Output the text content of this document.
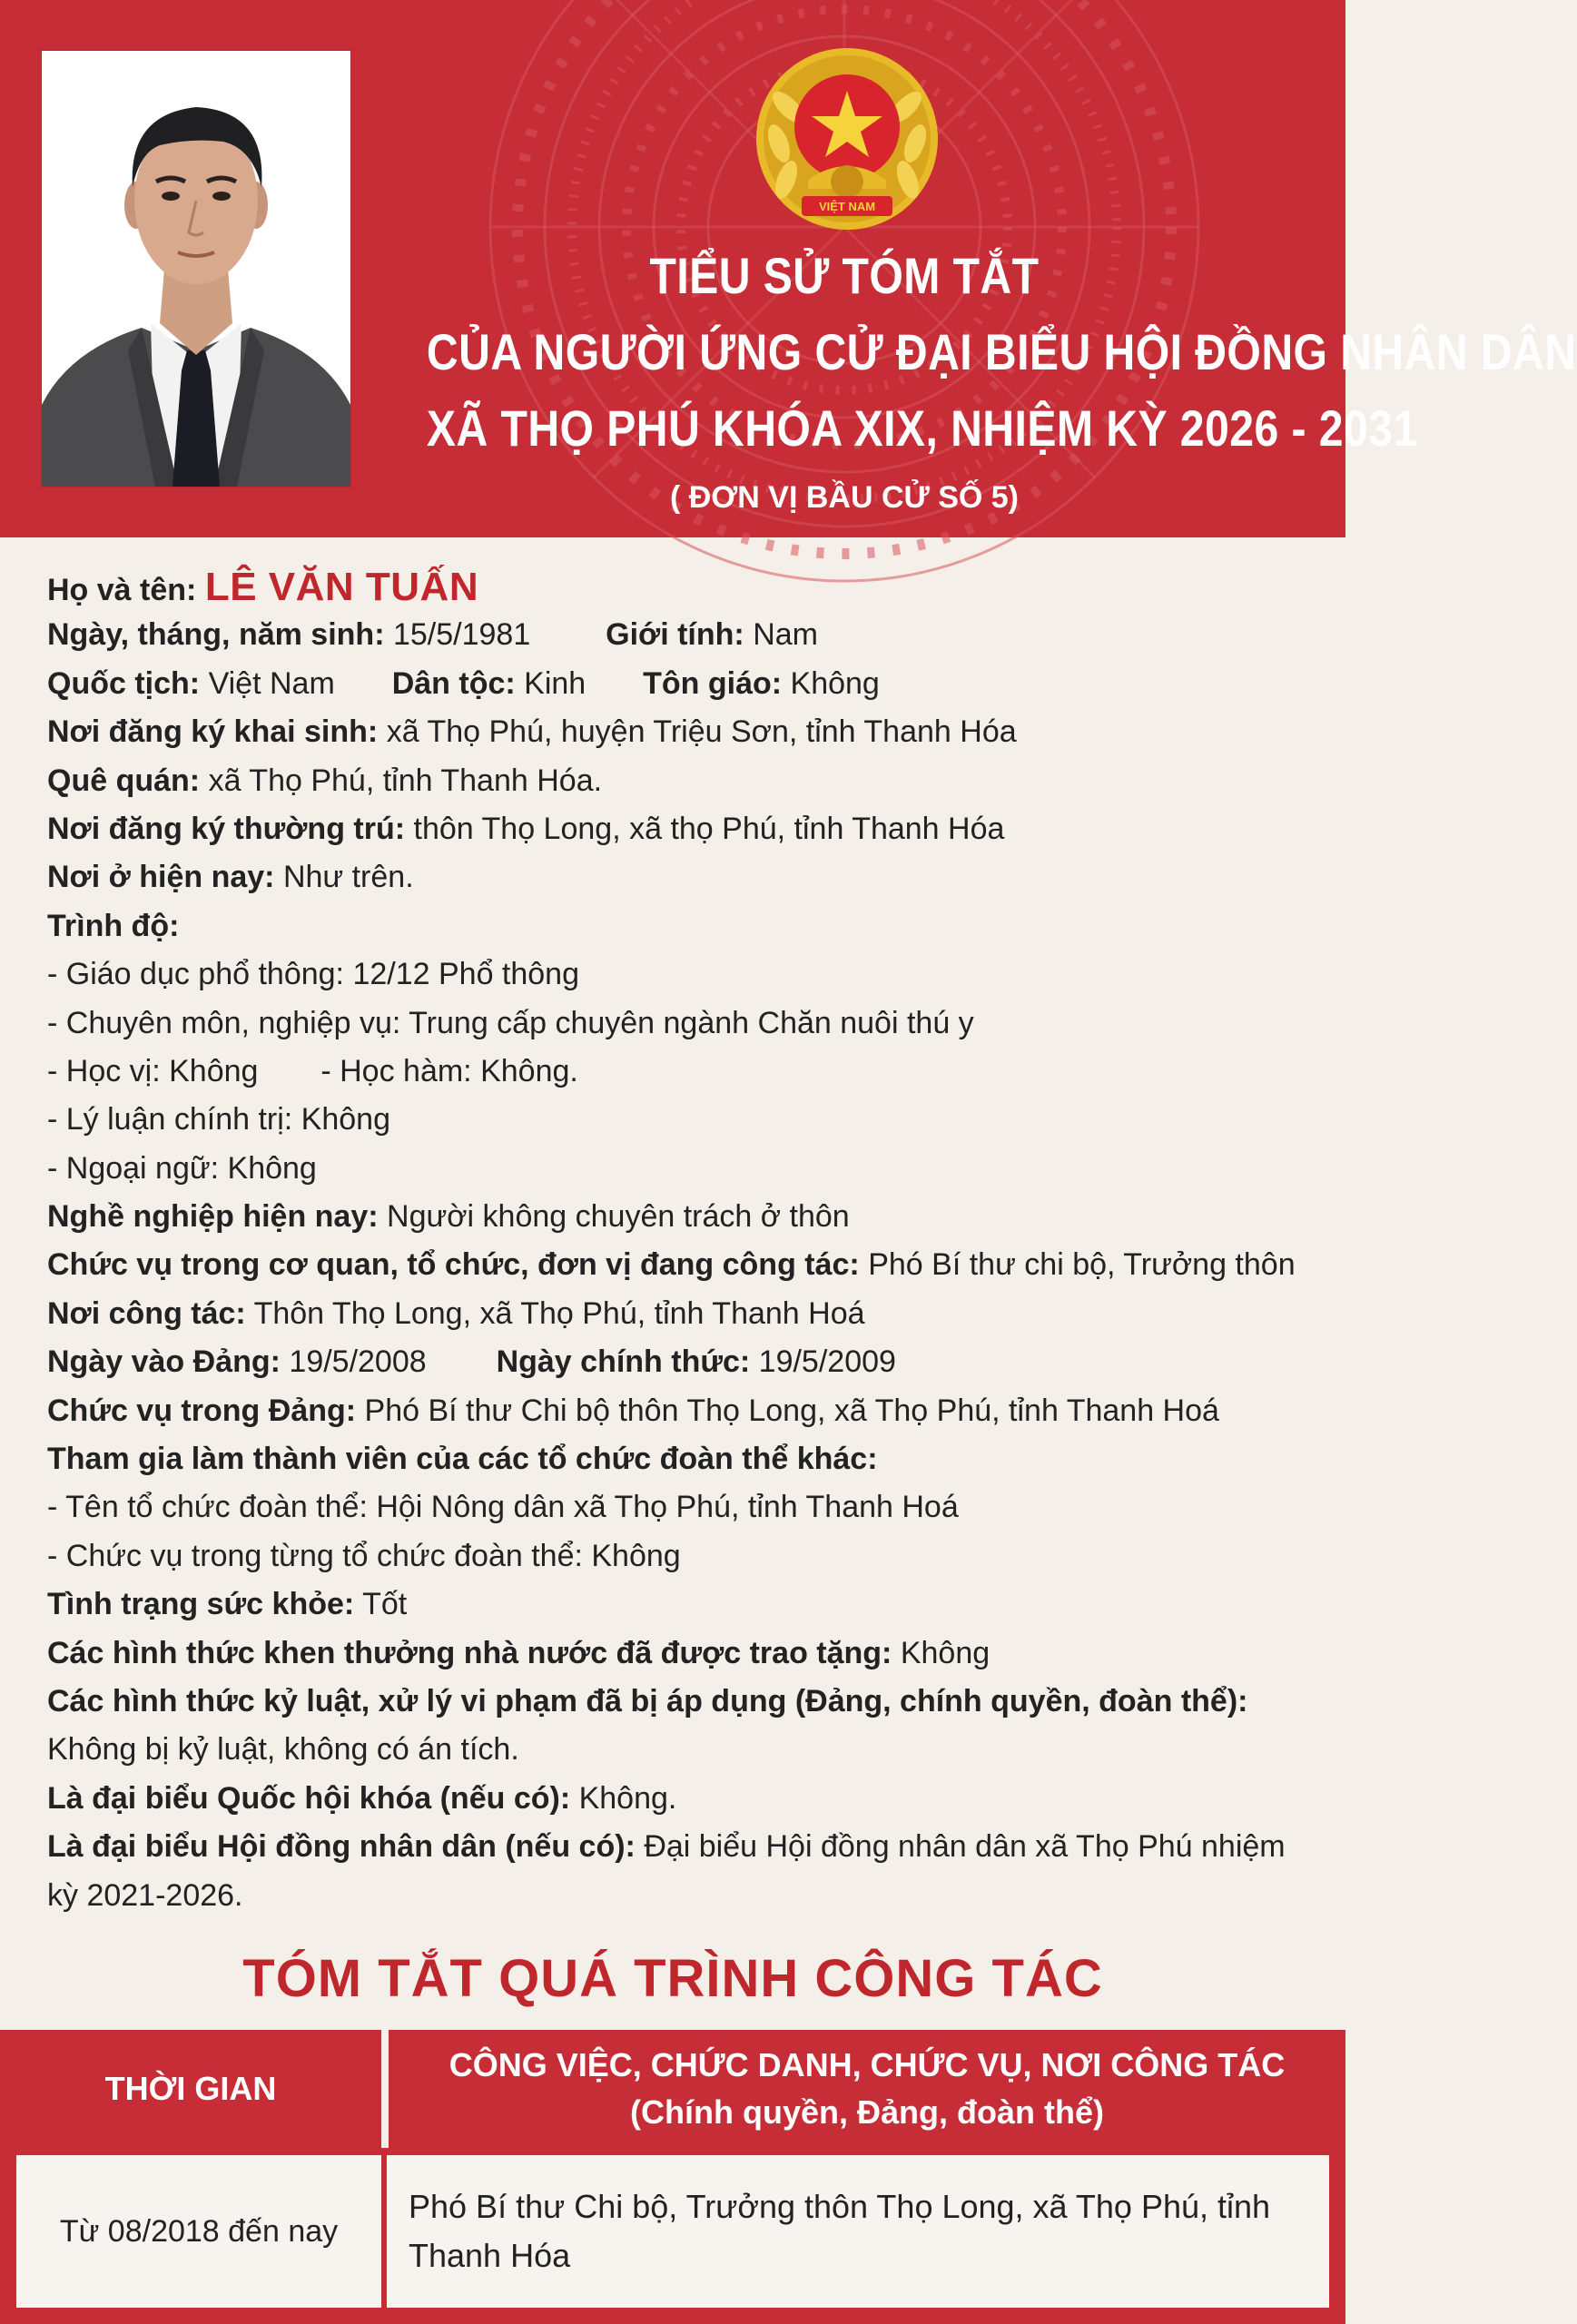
VIỆT NAM
TIỂU SỬ TÓM TẮT
CỦA NGƯỜI ỨNG CỬ ĐẠI BIỂU HỘI ĐỒNG NHÂN DÂN
XÃ THỌ PHÚ KHÓA XIX, NHIỆM KỲ 2026 - 2031
( ĐƠN VỊ BẦU CỬ SỐ 5)
Họ và tên: LÊ VĂN TUẤN
Ngày, tháng, năm sinh: 15/5/1981 Giới tính: Nam
Quốc tịch: Việt Nam Dân tộc: Kinh Tôn giáo: Không
Nơi đăng ký khai sinh: xã Thọ Phú, huyện Triệu Sơn, tỉnh Thanh Hóa
Quê quán: xã Thọ Phú, tỉnh Thanh Hóa.
Nơi đăng ký thường trú: thôn Thọ Long, xã thọ Phú, tỉnh Thanh Hóa
Nơi ở hiện nay: Như trên.
Trình độ:
- Giáo dục phổ thông: 12/12 Phổ thông
- Chuyên môn, nghiệp vụ: Trung cấp chuyên ngành Chăn nuôi thú y
- Học vị: Không - Học hàm: Không.
- Lý luận chính trị: Không
- Ngoại ngữ: Không
Nghề nghiệp hiện nay: Người không chuyên trách ở thôn
Chức vụ trong cơ quan, tổ chức, đơn vị đang công tác: Phó Bí thư chi bộ, Trưởng thôn
Nơi công tác: Thôn Thọ Long, xã Thọ Phú, tỉnh Thanh Hoá
Ngày vào Đảng: 19/5/2008 Ngày chính thức: 19/5/2009
Chức vụ trong Đảng: Phó Bí thư Chi bộ thôn Thọ Long, xã Thọ Phú, tỉnh Thanh Hoá
Tham gia làm thành viên của các tổ chức đoàn thể khác:
- Tên tổ chức đoàn thể: Hội Nông dân xã Thọ Phú, tỉnh Thanh Hoá
- Chức vụ trong từng tổ chức đoàn thể: Không
Tình trạng sức khỏe: Tốt
Các hình thức khen thưởng nhà nước đã được trao tặng: Không
Các hình thức kỷ luật, xử lý vi phạm đã bị áp dụng (Đảng, chính quyền, đoàn thể): Không bị kỷ luật, không có án tích.
Là đại biểu Quốc hội khóa (nếu có): Không.
Là đại biểu Hội đồng nhân dân (nếu có): Đại biểu Hội đồng nhân dân xã Thọ Phú nhiệm kỳ 2021-2026.
TÓM TẮT QUÁ TRÌNH CÔNG TÁC
THỜI GIAN
CÔNG VIỆC, CHỨC DANH, CHỨC VỤ, NƠI CÔNG TÁC
(Chính quyền, Đảng, đoàn thể)
Từ 08/2018 đến nay
Phó Bí thư Chi bộ, Trưởng thôn Thọ Long, xã Thọ Phú, tỉnh Thanh Hóa
